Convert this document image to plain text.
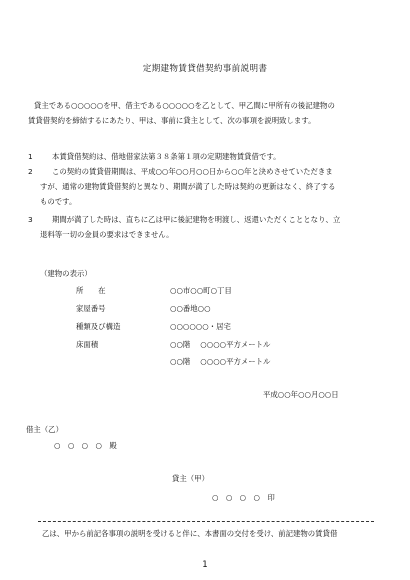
定期建物賃貸借契約事前説明書
貸主である○○○○○を甲、借主である○○○○○を乙として、甲乙間に甲所有の後記建物の
賃貸借契約を締結するにあたり、甲は、事前に貸主として、次の事項を説明致します。
1	本賃貸借契約は、借地借家法第３８条第１項の定期建物賃貸借です。
2	この契約の賃貸借期間は、平成○○年○○月○○日から○○年と決めさせていただきま
すが、通常の建物賃貸借契約と異なり、期間が満了した時は契約の更新はなく、終了する
ものです。
3	期間が満了した時は、直ちに乙は甲に後記建物を明渡し、返還いただくこととなり、立
退料等一切の金員の要求はできません。
（建物の表示）
所　　在	○○市○○町○丁目
家屋番号	○○番地○○
種類及び構造	○○○○○○・居宅
床面積	○○階 ○○○○平方メートル
○○階 ○○○○平方メートル
平成○○年○○月○○日
借主（乙）
○　○　○　○　殿
貸主（甲）
○　○　○　○　印
乙は、甲から前記各事項の説明を受けると伴に、本書面の交付を受け、前記建物の賃貸借
1
